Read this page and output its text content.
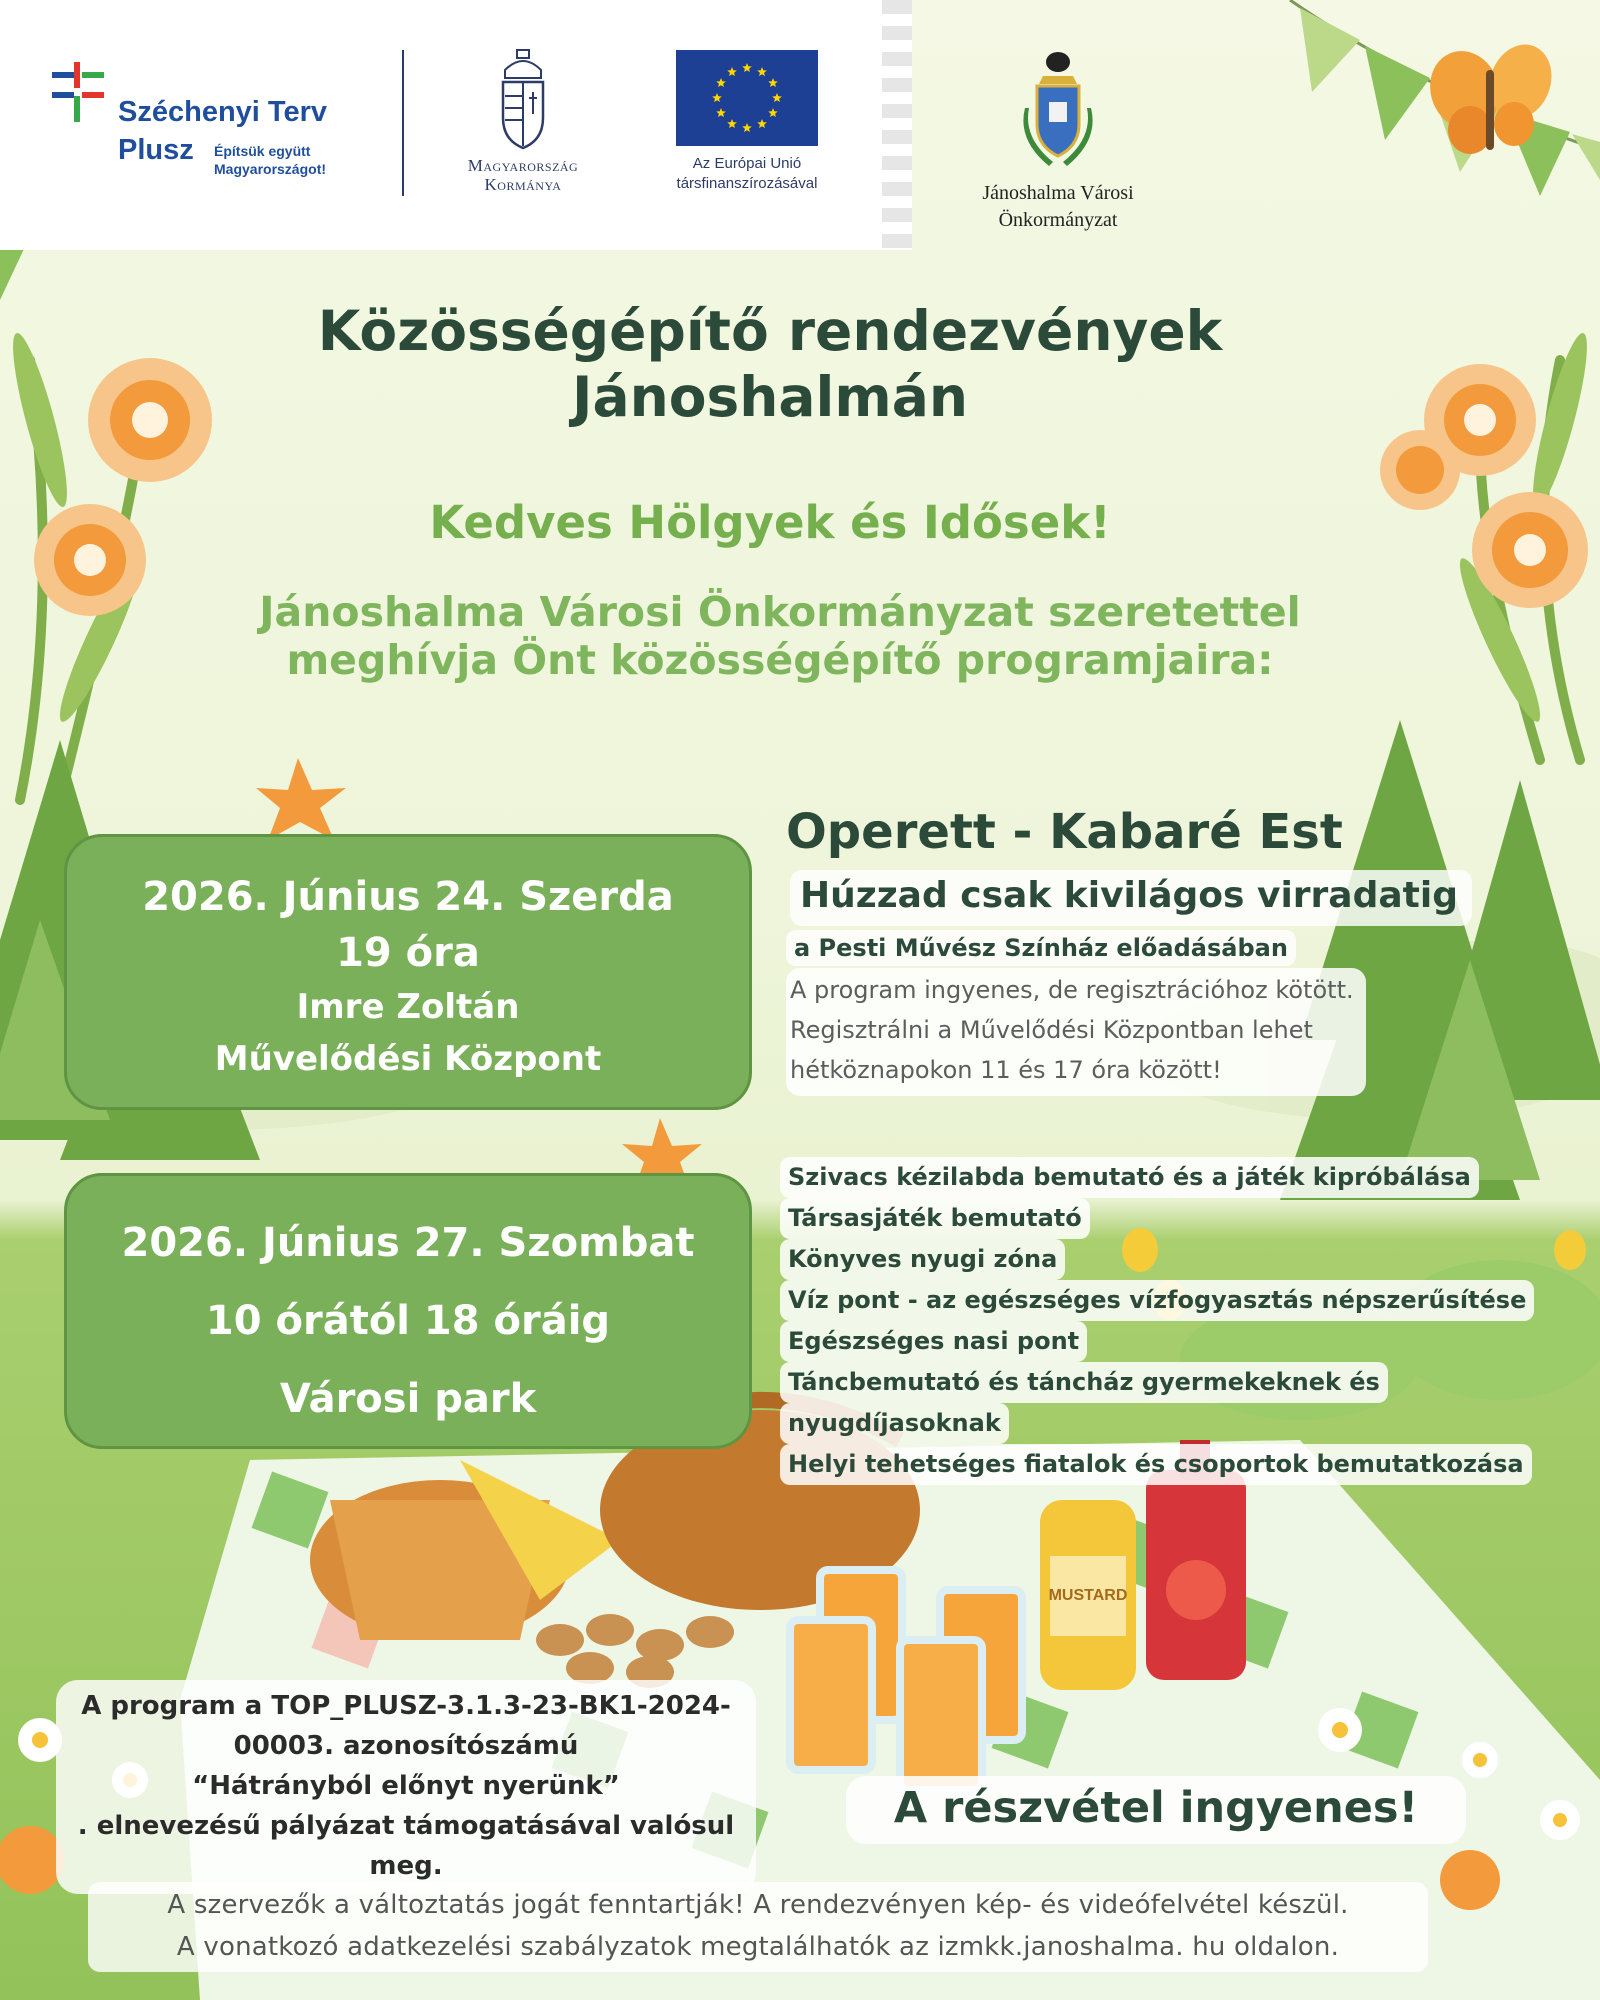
MUSTARD
Széchenyi Terv
Plusz Építsük együtt Magyarországot!	Magyarország Kormánya
Az Európai Unió társfinanszírozásával	Jánoshalma Városi Önkormányzat
Közösségépítő rendezvények Jánoshalmán
Kedves Hölgyek és Idősek!
Jánoshalma Városi Önkormányzat szeretettel meghívja Önt közösségépítő programjaira:
2026. Június 24. Szerda
19 óra
Imre Zoltán
Művelődési Központ
Operett - Kabaré Est
Húzzad csak kivilágos virradatig
a Pesti Művész Színház előadásában
A program ingyenes, de regisztrációhoz kötött.
Regisztrálni a Művelődési Központban lehet
hétköznapokon 11 és 17 óra között!
2026. Június 27. Szombat
10 órától 18 óráig
Városi park
Szivacs kézilabda bemutató és a játék kipróbálása
Társasjáték bemutató
Könyves nyugi zóna
Víz pont - az egészséges vízfogyasztás népszerűsítése
Egészséges nasi pont
Táncbemutató és táncház gyermekeknek és
nyugdíjasoknak
Helyi tehetséges fiatalok és csoportok bemutatkozása
A program a TOP_PLUSZ-3.1.3-23-BK1-2024-
00003. azonosítószámú
“Hátrányból előnyt nyerünk”
. elnevezésű pályázat támogatásával valósul
meg.
A részvétel ingyenes!
A szervezők a változtatás jogát fenntartják! A rendezvényen kép- és videófelvétel készül.
A vonatkozó adatkezelési szabályzatok megtalálhatók az izmkk.janoshalma. hu oldalon.
